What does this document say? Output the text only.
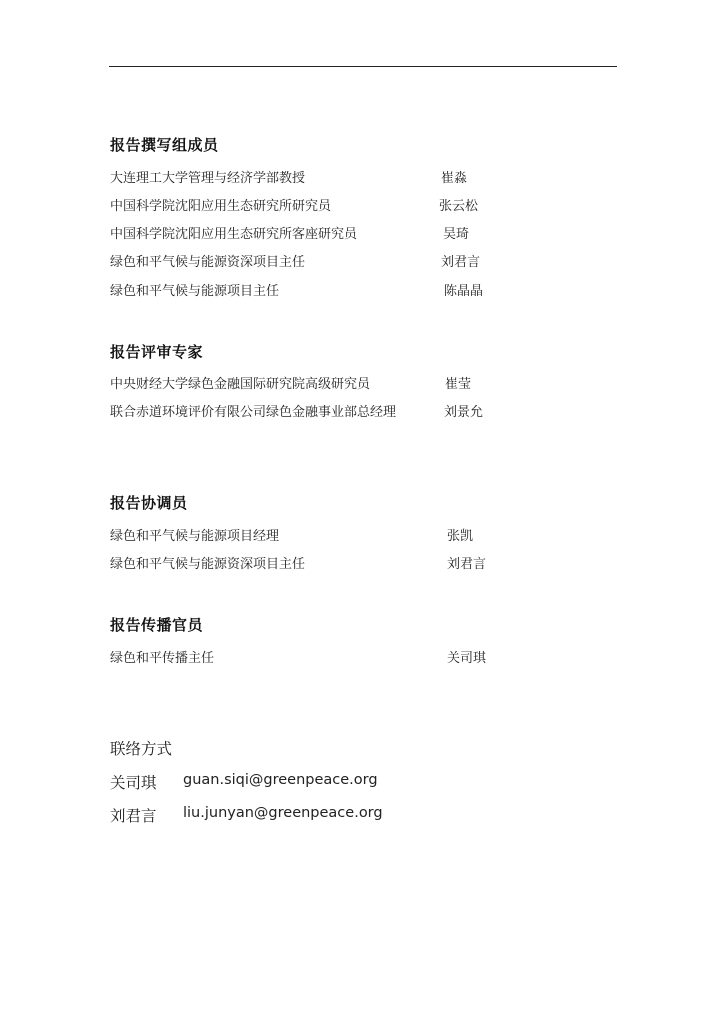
报告撰写组成员
大连理工大学管理与经济学部教授	崔淼
中国科学院沈阳应用生态研究所研究员	张云松
中国科学院沈阳应用生态研究所客座研究员	吴琦
绿色和平气候与能源资深项目主任	刘君言
绿色和平气候与能源项目主任	陈晶晶
报告评审专家
中央财经大学绿色金融国际研究院高级研究员	崔莹
联合赤道环境评价有限公司绿色金融事业部总经理	刘景允
报告协调员
绿色和平气候与能源项目经理	张凯
绿色和平气候与能源资深项目主任	刘君言
报告传播官员
绿色和平传播主任	关司琪
联络方式
关司琪 guan.siqi@greenpeace.org
刘君言 liu.junyan@greenpeace.org
